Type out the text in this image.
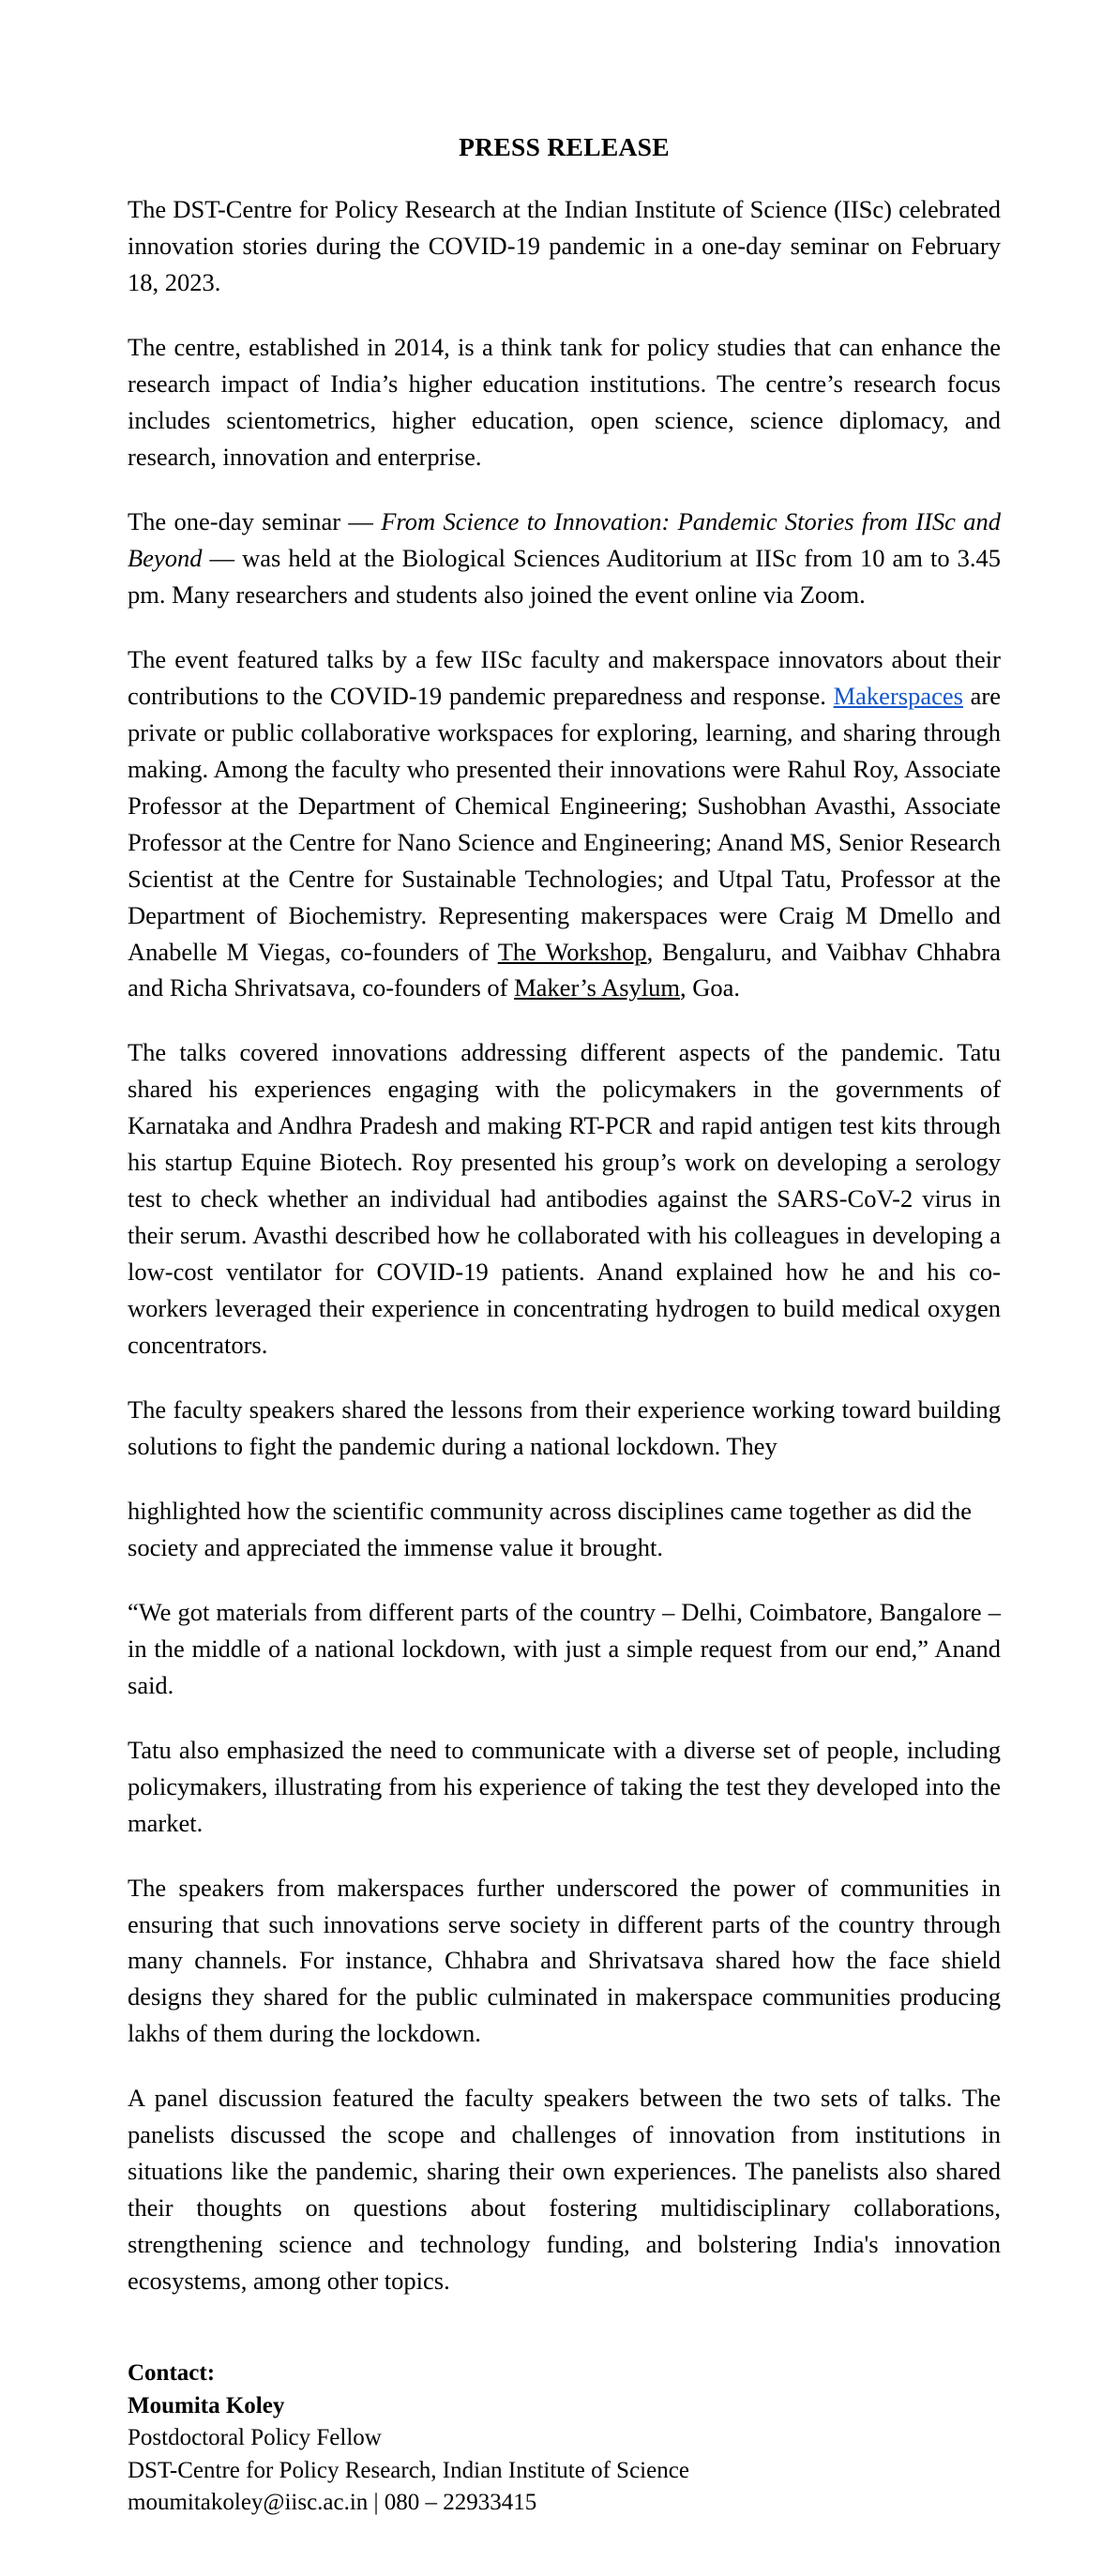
PRESS RELEASE

The DST-Centre for Policy Research at the Indian Institute of Science (IISc) celebrated innovation stories during the COVID-19 pandemic in a one-day seminar on February 18, 2023.

The centre, established in 2014, is a think tank for policy studies that can enhance the research impact of India’s higher education institutions. The centre’s research focus includes scientometrics, higher education, open science, science diplomacy, and research, innovation and enterprise.

The one-day seminar — From Science to Innovation: Pandemic Stories from IISc and Beyond — was held at the Biological Sciences Auditorium at IISc from 10 am to 3.45 pm. Many researchers and students also joined the event online via Zoom.

The event featured talks by a few IISc faculty and makerspace innovators about their contributions to the COVID-19 pandemic preparedness and response. Makerspaces are private or public collaborative workspaces for exploring, learning, and sharing through making. Among the faculty who presented their innovations were Rahul Roy, Associate Professor at the Department of Chemical Engineering; Sushobhan Avasthi, Associate Professor at the Centre for Nano Science and Engineering; Anand MS, Senior Research Scientist at the Centre for Sustainable Technologies; and Utpal Tatu, Professor at the Department of Biochemistry. Representing makerspaces were Craig M Dmello and Anabelle M Viegas, co-founders of The Workshop, Bengaluru, and Vaibhav Chhabra and Richa Shrivatsava, co-founders of Maker’s Asylum, Goa.

The talks covered innovations addressing different aspects of the pandemic. Tatu shared his experiences engaging with the policymakers in the governments of Karnataka and Andhra Pradesh and making RT-PCR and rapid antigen test kits through his startup Equine Biotech. Roy presented his group’s work on developing a serology test to check whether an individual had antibodies against the SARS-CoV-2 virus in their serum. Avasthi described how he collaborated with his colleagues in developing a low-cost ventilator for COVID-19 patients. Anand explained how he and his co-workers leveraged their experience in concentrating hydrogen to build medical oxygen concentrators.

The faculty speakers shared the lessons from their experience working toward building solutions to fight the pandemic during a national lockdown. They

highlighted how the scientific community across disciplines came together as did the society and appreciated the immense value it brought.

“We got materials from different parts of the country – Delhi, Coimbatore, Bangalore – in the middle of a national lockdown, with just a simple request from our end,” Anand said.

Tatu also emphasized the need to communicate with a diverse set of people, including policymakers, illustrating from his experience of taking the test they developed into the market.

The speakers from makerspaces further underscored the power of communities in ensuring that such innovations serve society in different parts of the country through many channels. For instance, Chhabra and Shrivatsava shared how the face shield designs they shared for the public culminated in makerspace communities producing lakhs of them during the lockdown.

A panel discussion featured the faculty speakers between the two sets of talks. The panelists discussed the scope and challenges of innovation from institutions in situations like the pandemic, sharing their own experiences. The panelists also shared their thoughts on questions about fostering multidisciplinary collaborations, strengthening science and technology funding, and bolstering India's innovation ecosystems, among other topics.

Contact:

Moumita Koley

Postdoctoral Policy Fellow

DST-Centre for Policy Research, Indian Institute of Science

moumitakoley@iisc.ac.in | 080 – 22933415
